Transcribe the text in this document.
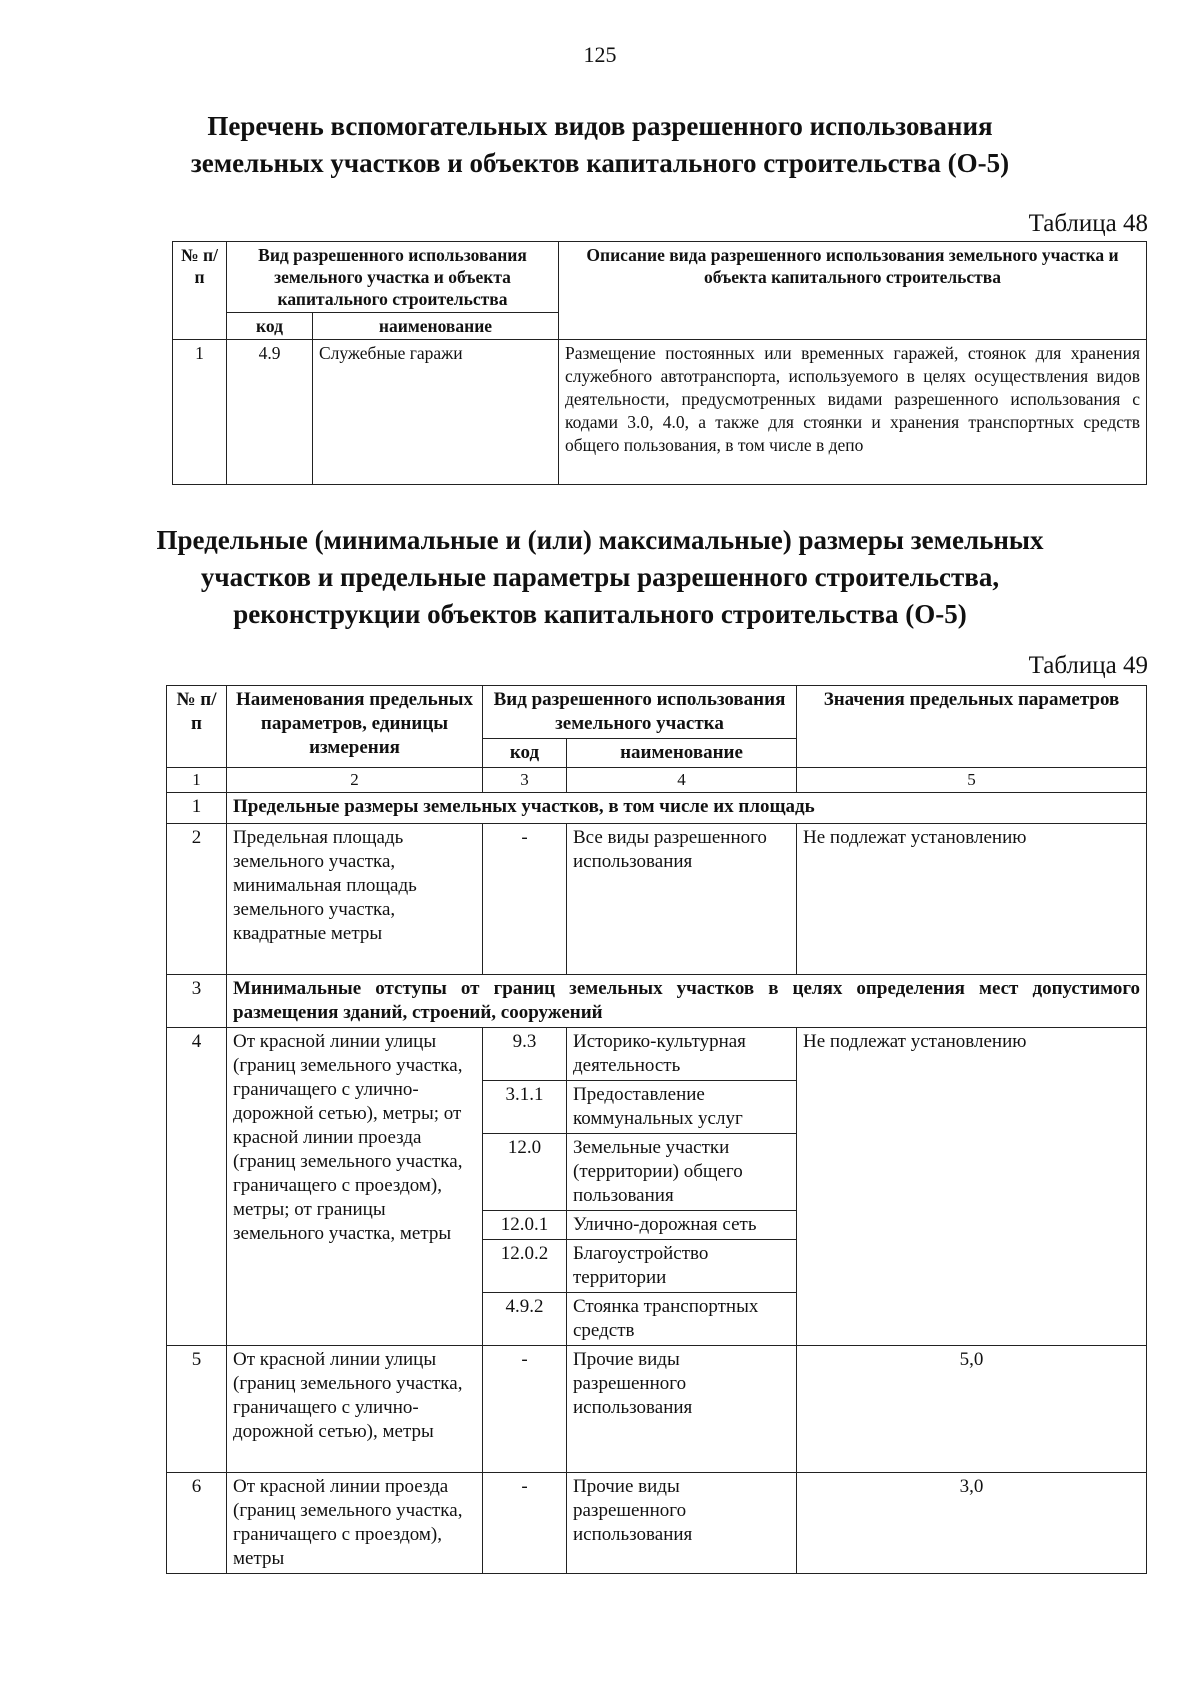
125
Перечень вспомогательных видов разрешенного использования
земельных участков и объектов капитального строительства (О-5)
Таблица 48
№ п/п	Вид разрешенного использования земельного участка и объекта капитального строительства		Описание вида разрешенного использования земельного участка и объекта капитального строительства
	код	наименование	
1	4.9	Служебные гаражи	Размещение постоянных или временных гаражей, стоянок для хранения служебного автотранспорта, используемого в целях осуществления видов деятельности, предусмотренных видами разрешенного использования с кодами 3.0, 4.0, а также для стоянки и хранения транспортных средств общего пользования, в том числе в депо
Предельные (минимальные и (или) максимальные) размеры земельных
участков и предельные параметры разрешенного строительства,
реконструкции объектов капитального строительства (О-5)
Таблица 49
№ п/п	Наименования предельных параметров, единицы измерения	Вид разрешенного использования земельного участка		Значения предельных параметров
		код	наименование	
1	2	3	4	5
1	Предельные размеры земельных участков, в том числе их площадь			
2	Предельная площадь земельного участка, минимальная площадь земельного участка, квадратные метры	-	Все виды разрешенного использования	Не подлежат установлению
3	Минимальные отступы от границ земельных участков в целях определения мест допустимого размещения зданий, строений, сооружений			
4	От красной линии улицы (границ земельного участка, граничащего с улично-дорожной сетью), метры; от красной линии проезда (границ земельного участка, граничащего с проездом), метры; от границы земельного участка, метры	9.3	Историко-культурная деятельность	Не подлежат установлению
		3.1.1	Предоставление коммунальных услуг	
		12.0	Земельные участки (территории) общего пользования	
		12.0.1	Улично-дорожная сеть	
		12.0.2	Благоустройство территории	
		4.9.2	Стоянка транспортных средств	
5	От красной линии улицы (границ земельного участка, граничащего с улично-дорожной сетью), метры	-	Прочие виды разрешенного использования	5,0
6	От красной линии проезда (границ земельного участка, граничащего с проездом), метры	-	Прочие виды разрешенного использования	3,0
